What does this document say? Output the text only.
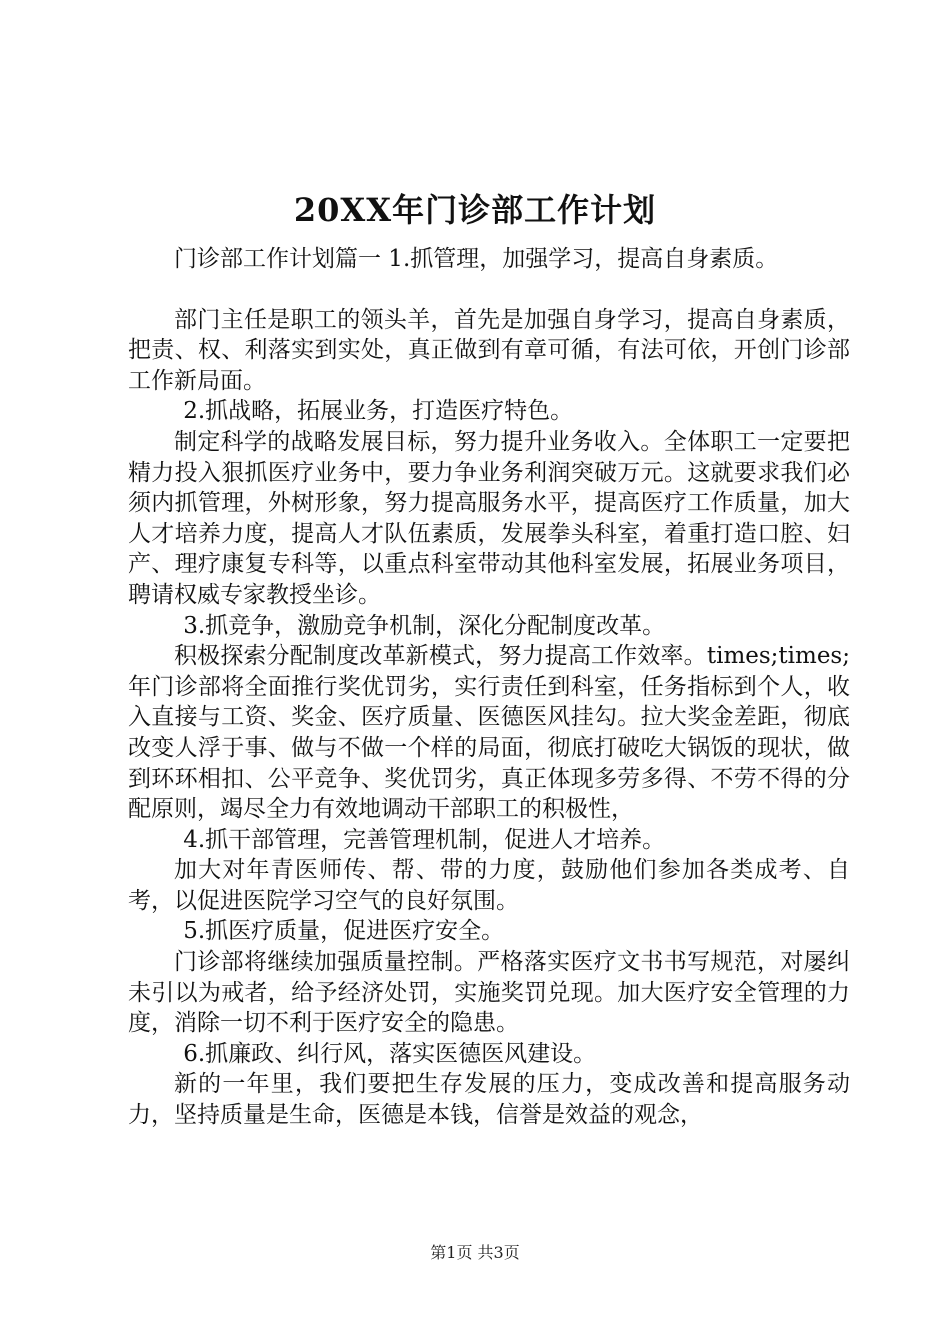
20XX年门诊部工作计划

门诊部工作计划篇一 1.抓管理，加强学习，提高自身素质。

部门主任是职工的领头羊，首先是加强自身学习，提高自身素质，把责、权、利落实到实处，真正做到有章可循，有法可依，开创门诊部工作新局面。

2.抓战略，拓展业务，打造医疗特色。

制定科学的战略发展目标，努力提升业务收入。全体职工一定要把精力投入狠抓医疗业务中，要力争业务利润突破万元。这就要求我们必须内抓管理，外树形象，努力提高服务水平，提高医疗工作质量，加大人才培养力度，提高人才队伍素质，发展拳头科室，着重打造口腔、妇产、理疗康复专科等，以重点科室带动其他科室发展，拓展业务项目，聘请权威专家教授坐诊。

3.抓竞争，激励竞争机制，深化分配制度改革。

积极探索分配制度改革新模式，努力提高工作效率。times;times;年门诊部将全面推行奖优罚劣，实行责任到科室，任务指标到个人，收入直接与工资、奖金、医疗质量、医德医风挂勾。拉大奖金差距，彻底改变人浮于事、做与不做一个样的局面，彻底打破吃大锅饭的现状，做到环环相扣、公平竞争、奖优罚劣，真正体现多劳多得、不劳不得的分配原则，竭尽全力有效地调动干部职工的积极性，

4.抓干部管理，完善管理机制，促进人才培养。

加大对年青医师传、帮、带的力度，鼓励他们参加各类成考、自考，以促进医院学习空气的良好氛围。

5.抓医疗质量，促进医疗安全。

门诊部将继续加强质量控制。严格落实医疗文书书写规范，对屡纠未引以为戒者，给予经济处罚，实施奖罚兑现。加大医疗安全管理的力度，消除一切不利于医疗安全的隐患。

6.抓廉政、纠行风，落实医德医风建设。

新的一年里，我们要把生存发展的压力，变成改善和提高服务动力，坚持质量是生命，医德是本钱，信誉是效益的观念，

第1页 共3页
